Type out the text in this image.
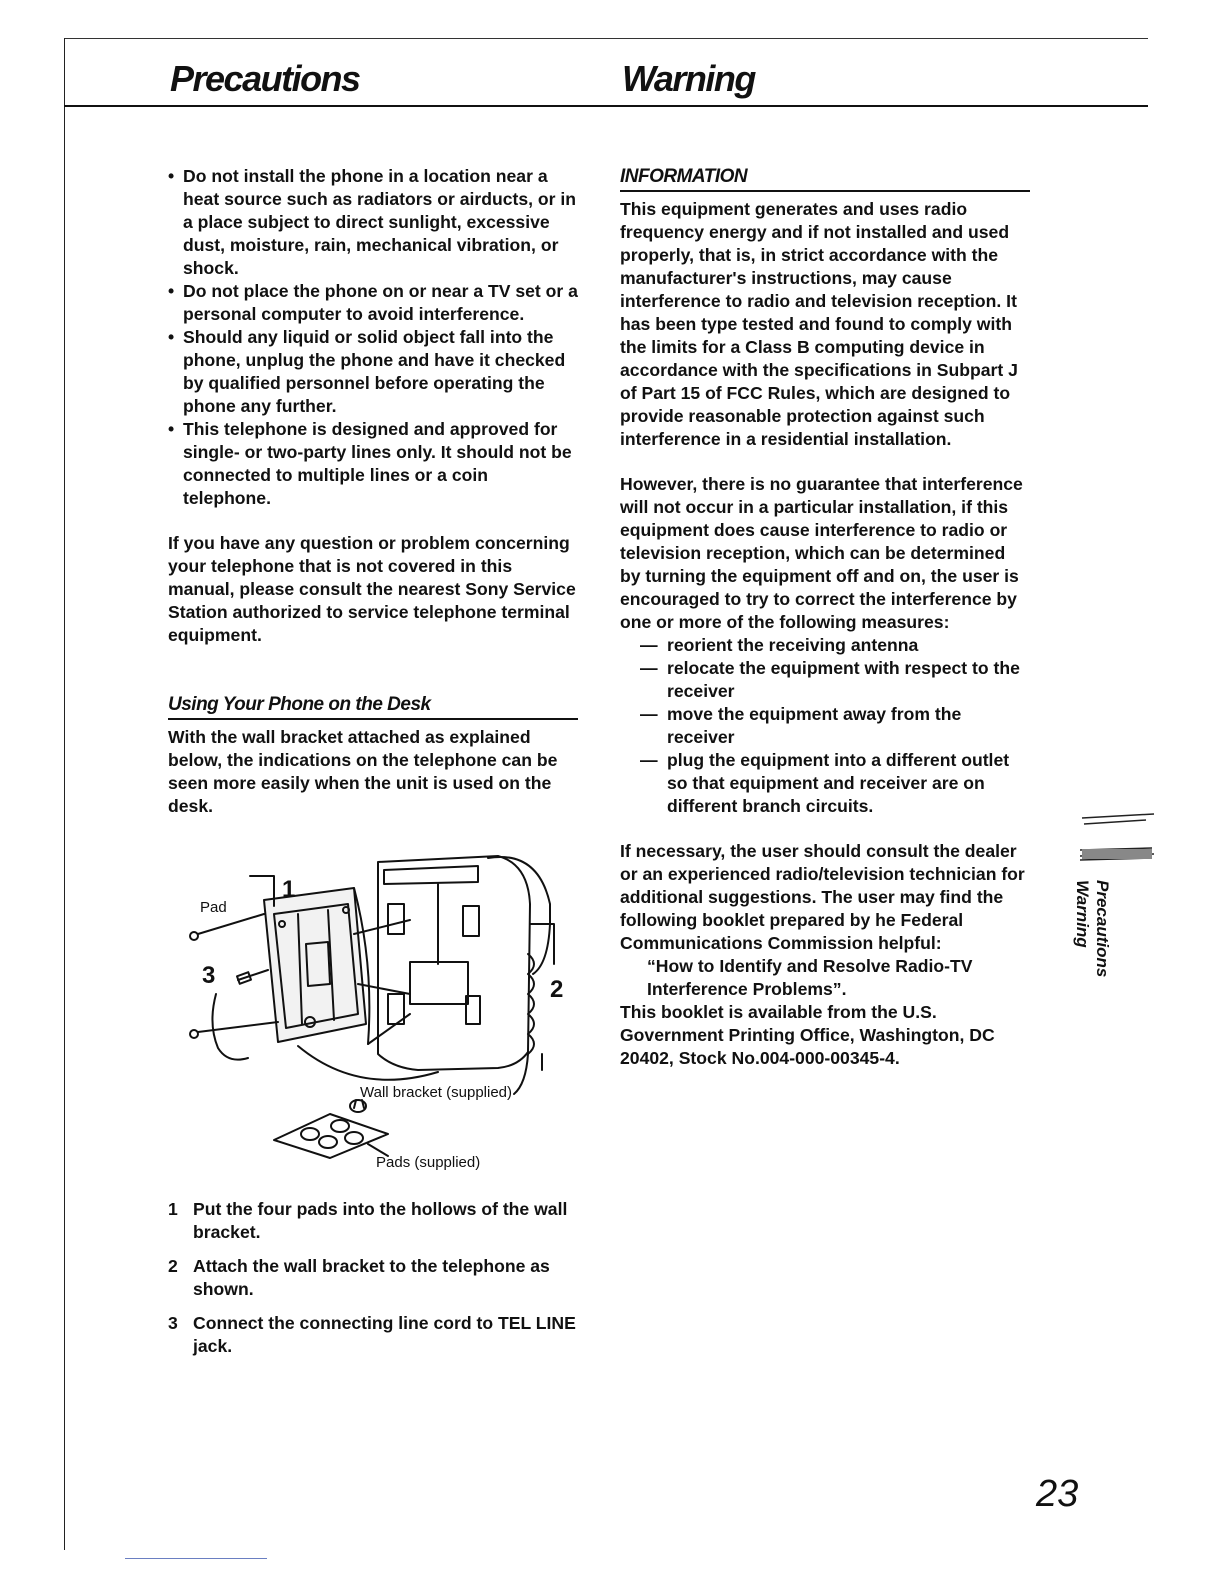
Precautions	Warning
• Do not install the phone in a location near a heat source such as radiators or airducts, or in a place subject to direct sunlight, excessive dust, moisture, rain, mechanical vibration, or shock.
• Do not place the phone on or near a TV set or a personal computer to avoid interference.
• Should any liquid or solid object fall into the phone, unplug the phone and have it checked by qualified personnel before operating the phone any further.
• This telephone is designed and approved for single- or two-party lines only. It should not be connected to multiple lines or a coin telephone.

If you have any question or problem concerning your telephone that is not covered in this manual, please consult the nearest Sony Service Station authorized to service telephone terminal equipment.

Using Your Phone on the Desk

With the wall bracket attached as explained below, the indications on the telephone can be seen more easily when the unit is used on the desk.

Pad
1
3
2
Wall bracket (supplied)
Pads (supplied)
1 Put the four pads into the hollows of the wall bracket.
2 Attach the wall bracket to the telephone as shown.
3 Connect the connecting line cord to TEL LINE jack.
INFORMATION

This equipment generates and uses radio frequency energy and if not installed and used properly, that is, in strict accordance with the manufacturer's instructions, may cause interference to radio and television reception. It has been type tested and found to comply with the limits for a Class B computing device in accordance with the specifications in Subpart J of Part 15 of FCC Rules, which are designed to provide reasonable protection against such interference in a residential installation.

However, there is no guarantee that interference will not occur in a particular installation, if this equipment does cause interference to radio or television reception, which can be determined by turning the equipment off and on, the user is encouraged to try to correct the interference by one or more of the following measures:

— reorient the receiving antenna
— relocate the equipment with respect to the receiver
— move the equipment away from the receiver
— plug the equipment into a different outlet so that equipment and receiver are on different branch circuits.

If necessary, the user should consult the dealer or an experienced radio/television technician for additional suggestions. The user may find the following booklet prepared by he Federal Communications Commission helpful:

“How to Identify and Resolve Radio-TV Interference Problems”.

This booklet is available from the U.S. Government Printing Office, Washington, DC 20402, Stock No.004-000-00345-4.

Precautions
Warning

23
